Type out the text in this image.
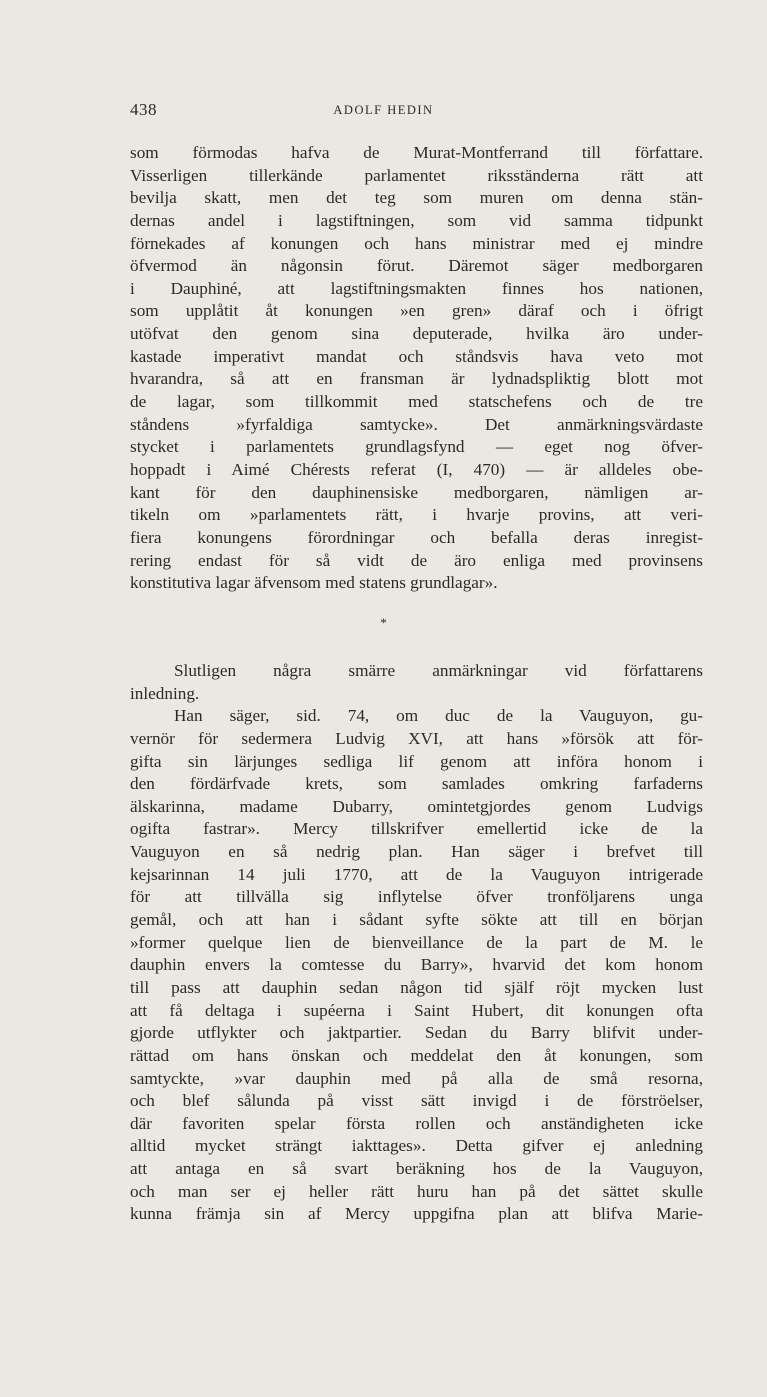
438	ADOLF HEDIN
som förmodas hafva de Murat-Montferrand till författare.
Visserligen tillerkände parlamentet riksständerna rätt att
bevilja skatt, men det teg som muren om denna stän-
dernas andel i lagstiftningen, som vid samma tidpunkt
förnekades af konungen och hans ministrar med ej mindre
öfvermod än någonsin förut. Däremot säger medborgaren
i Dauphiné, att lagstiftningsmakten finnes hos nationen,
som upplåtit åt konungen »en gren» däraf och i öfrigt
utöfvat den genom sina deputerade, hvilka äro under-
kastade imperativt mandat och ståndsvis hava veto mot
hvarandra, så att en fransman är lydnadspliktig blott mot
de lagar, som tillkommit med statschefens och de tre
ståndens »fyrfaldiga samtycke». Det anmärkningsvärdaste
stycket i parlamentets grundlagsfynd — eget nog öfver-
hoppadt i Aimé Chérests referat (I, 470) — är alldeles obe-
kant för den dauphinensiske medborgaren, nämligen ar-
tikeln om »parlamentets rätt, i hvarje provins, att veri-
fiera konungens förordningar och befalla deras inregist-
rering endast för så vidt de äro enliga med provinsens
konstitutiva lagar äfvensom med statens grundlagar».
*
Slutligen några smärre anmärkningar vid författarens
inledning.
Han säger, sid. 74, om duc de la Vauguyon, gu-
vernör för sedermera Ludvig XVI, att hans »försök att för-
gifta sin lärjunges sedliga lif genom att införa honom i
den fördärfvade krets, som samlades omkring farfaderns
älskarinna, madame Dubarry, omintetgjordes genom Ludvigs
ogifta fastrar». Mercy tillskrifver emellertid icke de la
Vauguyon en så nedrig plan. Han säger i brefvet till
kejsarinnan 14 juli 1770, att de la Vauguyon intrigerade
för att tillvälla sig inflytelse öfver tronföljarens unga
gemål, och att han i sådant syfte sökte att till en början
»former quelque lien de bienveillance de la part de M. le
dauphin envers la comtesse du Barry», hvarvid det kom honom
till pass att dauphin sedan någon tid själf röjt mycken lust
att få deltaga i supéerna i Saint Hubert, dit konungen ofta
gjorde utflykter och jaktpartier. Sedan du Barry blifvit under-
rättad om hans önskan och meddelat den åt konungen, som
samtyckte, »var dauphin med på alla de små resorna,
och blef sålunda på visst sätt invigd i de förströelser,
där favoriten spelar första rollen och anständigheten icke
alltid mycket strängt iakttages». Detta gifver ej anledning
att antaga en så svart beräkning hos de la Vauguyon,
och man ser ej heller rätt huru han på det sättet skulle
kunna främja sin af Mercy uppgifna plan att blifva Marie-
